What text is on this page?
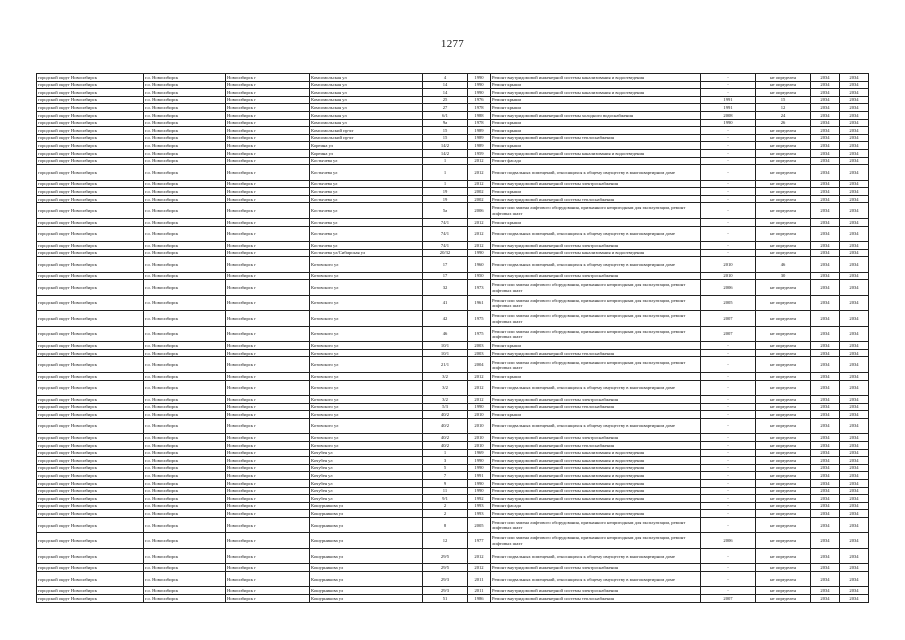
1277
городской округ Новосибирск	г.о. Новосибирск	Новосибирск г	Комсомольская ул	4	1990	Ремонт внутридомовой инженерной системы канализования и водоотведения	-	не определен	2034	2034
городской округ Новосибирск	г.о. Новосибирск	Новосибирск г	Комсомольская ул	14	1990	Ремонт крыши	-	не определен	2034	2034
городской округ Новосибирск	г.о. Новосибирск	Новосибирск г	Комсомольская ул	14	1990	Ремонт внутридомовой инженерной системы канализования и водоотведения	-	не определен	2034	2034
городской округ Новосибирск	г.о. Новосибирск	Новосибирск г	Комсомольская ул	25	1976	Ремонт крыши	1991	15	2034	2034
городской округ Новосибирск	г.о. Новосибирск	Новосибирск г	Комсомольская ул	27	1978	Ремонт крыши	1991	12	2034	2034
городской округ Новосибирск	г.о. Новосибирск	Новосибирск г	Комсомольская ул	6/1	1988	Ремонт внутридомовой инженерной системы холодного водоснабжения	2008	24	2034	2034
городской округ Новосибирск	г.о. Новосибирск	Новосибирск г	Комсомольская ул	9а	1978	Ремонт крыши	1990	26	2034	2034
городской округ Новосибирск	г.о. Новосибирск	Новосибирск г	Комсомольский пр-кт	15	1989	Ремонт крыши	-	не определен	2034	2034
городской округ Новосибирск	г.о. Новосибирск	Новосибирск г	Комсомольский пр-кт	15	1989	Ремонт внутридомовой инженерной системы теплоснабжения	-	не определен	2034	2034
городской округ Новосибирск	г.о. Новосибирск	Новосибирск г	Кореина ул	14/2	1989	Ремонт крыши	-	не определен	2034	2034
городской округ Новосибирск	г.о. Новосибирск	Новосибирск г	Кореина ул	14/2	1959	Ремонт внутридомовой инженерной системы канализования и водоотведения	-	не определен	2034	2034
городской округ Новосибирск	г.о. Новосибирск	Новосибирск г	Костычева ул	1	2012	Ремонт фасада	-	не определен	2034	2034
городской округ Новосибирск	г.о. Новосибирск	Новосибирск г	Костычева ул	1	2012	Ремонт подвальных помещений, относящихся к общему имуществу в многоквартирном доме	-	не определен	2034	2034
городской округ Новосибирск	г.о. Новосибирск	Новосибирск г	Костычева ул	1	2012	Ремонт внутридомовой инженерной системы электроснабжения	-	не определен	2034	2034
городской округ Новосибирск	г.о. Новосибирск	Новосибирск г	Костычева ул	19	2002	Ремонт крыши	-	не определен	2034	2034
городской округ Новосибирск	г.о. Новосибирск	Новосибирск г	Костычева ул	19	2002	Ремонт внутридомовой инженерной системы теплоснабжения	-	не определен	2034	2034
городской округ Новосибирск	г.о. Новосибирск	Новосибирск г	Костычева ул	5а	2006	Ремонт или замена лифтового оборудования, признанного непригодным для эксплуатации, ремонт лифтовых шахт	-	не определен	2034	2034
городской округ Новосибирск	г.о. Новосибирск	Новосибирск г	Костычева ул	74/1	2012	Ремонт крыши	-	не определен	2034	2034
городской округ Новосибирск	г.о. Новосибирск	Новосибирск г	Костычева ул	74/1	2012	Ремонт подвальных помещений, относящихся к общему имуществу в многоквартирном доме	-	не определен	2034	2034
городской округ Новосибирск	г.о. Новосибирск	Новосибирск г	Костычева ул	74/1	2012	Ремонт внутридомовой инженерной системы электроснабжения	-	не определен	2034	2034
городской округ Новосибирск	г.о. Новосибирск	Новосибирск г	Костычева ул/Сибирская ул	20/32	1990	Ремонт внутридомовой инженерной системы канализования и водоотведения	-	не определен	2034	2034
городской округ Новосибирск	г.о. Новосибирск	Новосибирск г	Котовского ул	17	1960	Ремонт подвальных помещений, относящихся к общему имуществу в многоквартирном доме	2010	46	2034	2034
городской округ Новосибирск	г.о. Новосибирск	Новосибирск г	Котовского ул	17	1950	Ремонт внутридомовой инженерной системы электроснабжения	2010	30	2034	2034
городской округ Новосибирск	г.о. Новосибирск	Новосибирск г	Котовского ул	32	1973	Ремонт или замена лифтового оборудования, признанного непригодным для эксплуатации, ремонт лифтовых шахт	2006	не определен	2034	2034
городской округ Новосибирск	г.о. Новосибирск	Новосибирск г	Котовского ул	41	1961	Ремонт или замена лифтового оборудования, признанного непригодным для эксплуатации, ремонт лифтовых шахт	2005	не определен	2034	2034
городской округ Новосибирск	г.о. Новосибирск	Новосибирск г	Котовского ул	42	1975	Ремонт или замена лифтового оборудования, признанного непригодным для эксплуатации, ремонт лифтовых шахт	2007	не определен	2034	2034
городской округ Новосибирск	г.о. Новосибирск	Новосибирск г	Котовского ул	46	1975	Ремонт или замена лифтового оборудования, признанного непригодным для эксплуатации, ремонт лифтовых шахт	2007	не определен	2034	2034
городской округ Новосибирск	г.о. Новосибирск	Новосибирск г	Котовского ул	10/1	2003	Ремонт крыши	-	не определен	2034	2034
городской округ Новосибирск	г.о. Новосибирск	Новосибирск г	Котовского ул	10/1	2003	Ремонт внутридомовой инженерной системы теплоснабжения	-	не определен	2034	2034
городской округ Новосибирск	г.о. Новосибирск	Новосибирск г	Котовского ул	21/1	2004	Ремонт или замена лифтового оборудования, признанного непригодным для эксплуатации, ремонт лифтовых шахт	-	не определен	2034	2034
городской округ Новосибирск	г.о. Новосибирск	Новосибирск г	Котовского ул	3/2	2012	Ремонт крыши	-	не определен	2034	2034
городской округ Новосибирск	г.о. Новосибирск	Новосибирск г	Котовского ул	3/2	2012	Ремонт подвальных помещений, относящихся к общему имуществу в многоквартирном доме	-	не определен	2034	2034
городской округ Новосибирск	г.о. Новосибирск	Новосибирск г	Котовского ул	3/2	2012	Ремонт внутридомовой инженерной системы электроснабжения	-	не определен	2034	2034
городской округ Новосибирск	г.о. Новосибирск	Новосибирск г	Котовского ул	5/3	1990	Ремонт внутридомовой инженерной системы теплоснабжения	-	не определен	2034	2034
городской округ Новосибирск	г.о. Новосибирск	Новосибирск г	Котовского ул	40/2	2010	Ремонт крыши	-	не определен	2034	2034
городской округ Новосибирск	г.о. Новосибирск	Новосибирск г	Котовского ул	40/2	2010	Ремонт подвальных помещений, относящихся к общему имуществу в многоквартирном доме	-	не определен	2034	2034
городской округ Новосибирск	г.о. Новосибирск	Новосибирск г	Котовского ул	40/2	2010	Ремонт внутридомовой инженерной системы электроснабжения	-	не определен	2034	2034
городской округ Новосибирск	г.о. Новосибирск	Новосибирск г	Котовского ул	40/2	2010	Ремонт внутридомовой инженерной системы теплоснабжения	-	не определен	2034	2034
городской округ Новосибирск	г.о. Новосибирск	Новосибирск г	Кочубея ул	1	1969	Ремонт внутридомовой инженерной системы канализования и водоотведения	-	не определен	2034	2034
городской округ Новосибирск	г.о. Новосибирск	Новосибирск г	Кочубея ул	3	1990	Ремонт внутридомовой инженерной системы канализования и водоотведения	-	не определен	2034	2034
городской округ Новосибирск	г.о. Новосибирск	Новосибирск г	Кочубея ул	5	1990	Ремонт внутридомовой инженерной системы канализования и водоотведения	-	не определен	2034	2034
городской округ Новосибирск	г.о. Новосибирск	Новосибирск г	Кочубея ул	7	1991	Ремонт внутридомовой инженерной системы канализования и водоотведения	-	не определен	2034	2034
городской округ Новосибирск	г.о. Новосибирск	Новосибирск г	Кочубея ул	9	1990	Ремонт внутридомовой инженерной системы канализования и водоотведения	-	не определен	2034	2034
городской округ Новосибирск	г.о. Новосибирск	Новосибирск г	Кочубея ул	11	1990	Ремонт внутридомовой инженерной системы канализования и водоотведения	-	не определен	2034	2034
городской округ Новосибирск	г.о. Новосибирск	Новосибирск г	Кочубея ул	9/1	1992	Ремонт внутридомовой инженерной системы канализования и водоотведения	-	не определен	2034	2034
городской округ Новосибирск	г.о. Новосибирск	Новосибирск г	Кошурникова ул	2	1993	Ремонт фасада	-	не определен	2034	2034
городской округ Новосибирск	г.о. Новосибирск	Новосибирск г	Кошурникова ул	2	1993	Ремонт внутридомовой инженерной системы канализования и водоотведения	-	не определен	2034	2034
городской округ Новосибирск	г.о. Новосибирск	Новосибирск г	Кошурникова ул	8	2005	Ремонт или замена лифтового оборудования, признанного непригодным для эксплуатации, ремонт лифтовых шахт	-	не определен	2034	2034
городской округ Новосибирск	г.о. Новосибирск	Новосибирск г	Кошурникова ул	12	1977	Ремонт или замена лифтового оборудования, признанного непригодным для эксплуатации, ремонт лифтовых шахт	2006	не определен	2034	2034
городской округ Новосибирск	г.о. Новосибирск	Новосибирск г	Кошурникова ул	29/5	2012	Ремонт подвальных помещений, относящихся к общему имуществу в многоквартирном доме	-	не определен	2034	2034
городской округ Новосибирск	г.о. Новосибирск	Новосибирск г	Кошурникова ул	29/5	2012	Ремонт внутридомовой инженерной системы электроснабжения	-	не определен	2034	2034
городской округ Новосибирск	г.о. Новосибирск	Новосибирск г	Кошурникова ул	29/3	2011	Ремонт подвальных помещений, относящихся к общему имуществу в многоквартирном доме	-	не определен	2034	2034
городской округ Новосибирск	г.о. Новосибирск	Новосибирск г	Кошурникова ул	29/3	2011	Ремонт внутридомовой инженерной системы электроснабжения	-	не определен	2034	2034
городской округ Новосибирск	г.о. Новосибирск	Новосибирск г	Кошурникова ул	51	1986	Ремонт внутридомовой инженерной системы теплоснабжения	2007	не определен	2034	2034
